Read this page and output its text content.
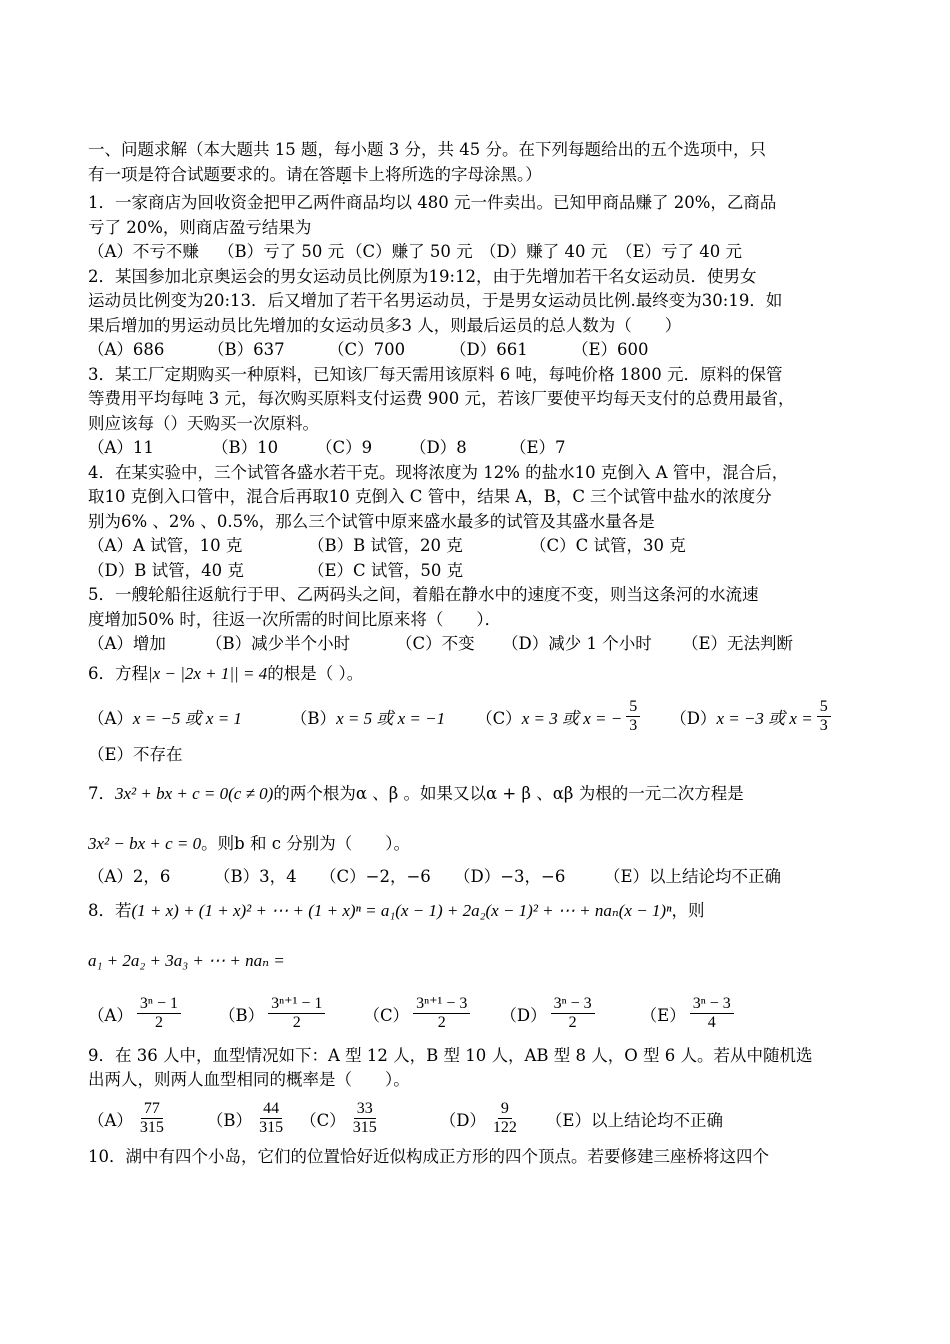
一、问题求解（本大题共 15 题，每小题 3 分，共 45 分。在下列每题给出的五个选项中，只
有一项是符合试题要求的。请在答题卡上将所选的字母涂黑。）
1．一家商店为回收资金把甲乙两件商品均以 480 元一件卖出。已知甲商品赚了 20%，乙商品
亏了 20%，则商店盈亏结果为
（A）不亏不赚	（B）亏了 50 元 （C）赚了 50 元 （D）赚了 40 元 （E）亏了 40 元
2．某国参加北京奥运会的男女运动员比例原为19:12，由于先增加若干名女运动员．使男女
运动员比例变为20:13．后又增加了若干名男运动员，于是男女运动员比例.最终变为30:19．如
果后增加的男运动员比先增加的女运动员多3 人，则最后运员的总人数为（　　）
（A）686	（B）637	（C）700	（D）661	（E）600
3．某工厂定期购买一种原料，已知该厂每天需用该原料 6 吨，每吨价格 1800 元．原料的保管
等费用平均每吨 3 元，每次购买原料支付运费 900 元，若该厂要使平均每天支付的总费用最省，
则应该每（）天购买一次原料。
（A）11	（B）10	（C）9	（D）8	（E）7
4．在某实验中，三个试管各盛水若干克。现将浓度为 12% 的盐水10 克倒入 A 管中，混合后，
取10 克倒入口管中，混合后再取10 克倒入 C 管中，结果 A，B，C 三个试管中盐水的浓度分
别为6% 、2% 、0.5%，那么三个试管中原来盛水最多的试管及其盛水量各是
（A）A 试管，10 克	（B）B 试管，20 克	（C）C 试管，30 克
（D）B 试管，40 克	（E）C 试管，50 克
5．一艘轮船往返航行于甲、乙两码头之间，着船在静水中的速度不变，则当这条河的水流速
度增加50% 时，往返一次所需的时间比原来将（　　）．
（A）增加	（B）减少半个小时	（C）不变	（D）减少 1 个小时	（E）无法判断
6．方程 |x − |2x + 1|| = 4 的根是（ ）。
（A） x = −5 或 x = 1	（B） x = 5 或 x = −1	（C） x = 3 或 x = − $\frac{5}{3} (D) x = -3$ 或 $x = \frac{5}{3}$
（E）不存在
7． 3x² + bx + c = 0(c ≠ 0) 的两个根为α 、β 。如果又以α + β 、αβ 为根的一元二次方程是
3x² − bx + c = 0 。则b 和 c 分别为（　　）。
（A）2，6	（B）3，4	（C）−2，−6	（D）−3，−6	（E）以上结论均不正确
8．若 (1 + x) + (1 + x)² + ⋯ + (1 + x)ⁿ = a₁(x − 1) + 2a₂(x − 1)² + ⋯ + naₙ(x − 1)ⁿ ，则
a₁ + 2a₂ + 3a₃ + ⋯ + naₙ =
$(A) \frac{\text{3ⁿ − 1}}{2} (B) \frac{\text{3ⁿ⁺¹ − 1}}{2} (C) \frac{\text{3ⁿ⁺¹ − 3}}{2} (D) \frac{\text{3ⁿ − 3}}{2}$	$(E) \frac{\text{3ⁿ − 3}}{4}$
9．在 36 人中，血型情况如下：A 型 12 人，B 型 10 人，AB 型 8 人，O 型 6 人。若从中随机选
出两人，则两人血型相同的概率是（　　）。
$(A) \frac{77}{315} (B) \frac{44}{315} (C) \frac{33}{315}$	$(D) \frac{9}{122} (E)$以上结论均不正确
10．湖中有四个小岛，它们的位置恰好近似构成正方形的四个顶点。若要修建三座桥将这四个
